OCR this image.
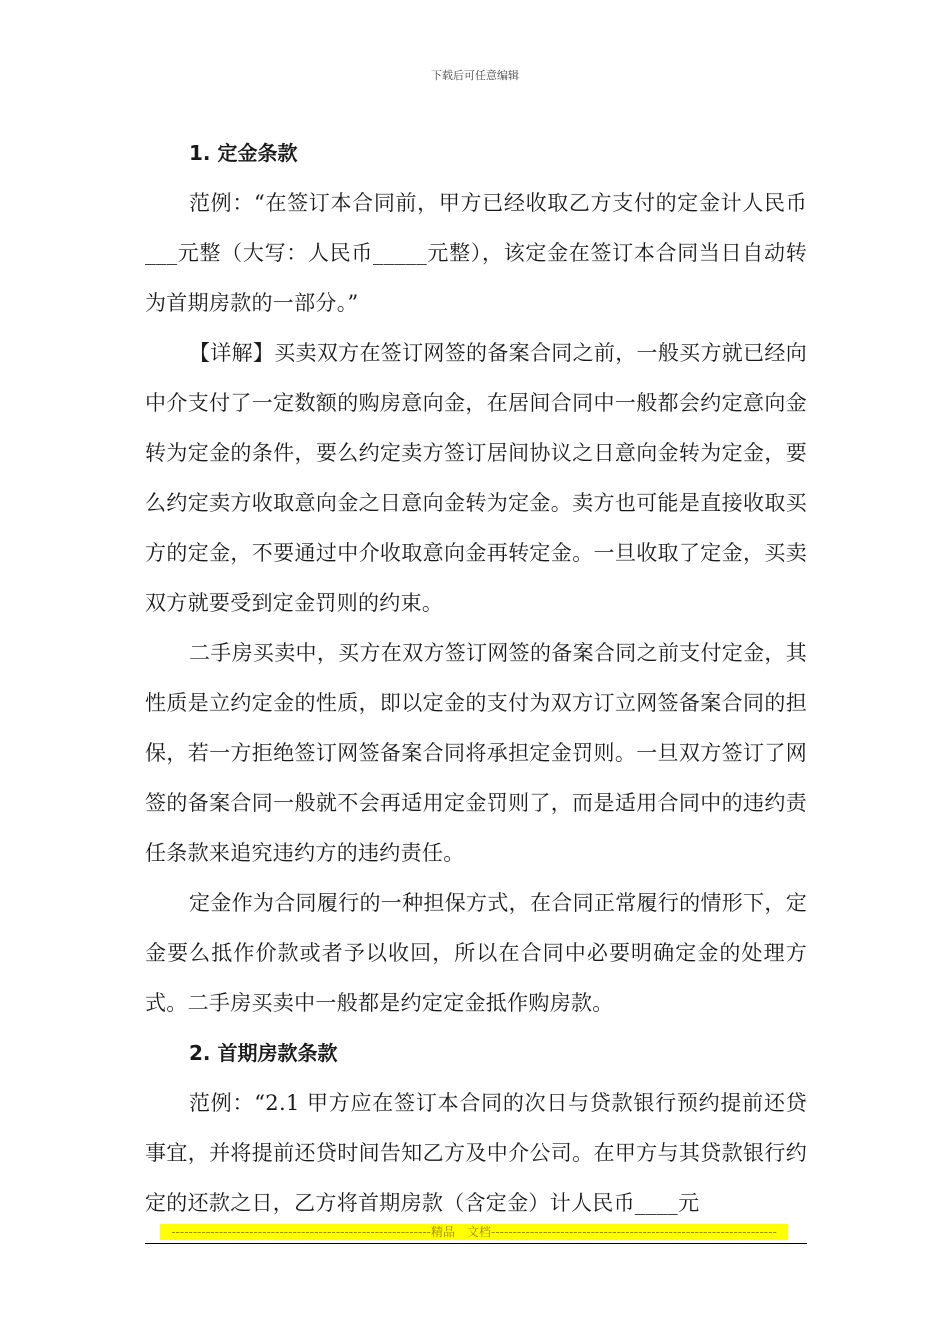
下载后可任意编辑
1. 定金条款

范例：“在签订本合同前，甲方已经收取乙方支付的定金计人民币___元整（大写：人民币_____元整），该定金在签订本合同当日自动转为首期房款的一部分。”

【详解】买卖双方在签订网签的备案合同之前，一般买方就已经向中介支付了一定数额的购房意向金，在居间合同中一般都会约定意向金转为定金的条件，要么约定卖方签订居间协议之日意向金转为定金，要么约定卖方收取意向金之日意向金转为定金。卖方也可能是直接收取买方的定金，不要通过中介收取意向金再转定金。一旦收取了定金，买卖双方就要受到定金罚则的约束。

二手房买卖中，买方在双方签订网签的备案合同之前支付定金，其性质是立约定金的性质，即以定金的支付为双方订立网签备案合同的担保，若一方拒绝签订网签备案合同将承担定金罚则。一旦双方签订了网签的备案合同一般就不会再适用定金罚则了，而是适用合同中的违约责任条款来追究违约方的违约责任。

定金作为合同履行的一种担保方式，在合同正常履行的情形下，定金要么抵作价款或者予以收回，所以在合同中必要明确定金的处理方式。二手房买卖中一般都是约定定金抵作购房款。

2. 首期房款条款

范例：“2.1 甲方应在签订本合同的次日与贷款银行预约提前还贷事宜，并将提前还贷时间告知乙方及中介公司。在甲方与其贷款银行约定的还款之日，乙方将首期房款（含定金）计人民币____元

------------------------------------------------------------精品　文档------------------------------------------------------------------
